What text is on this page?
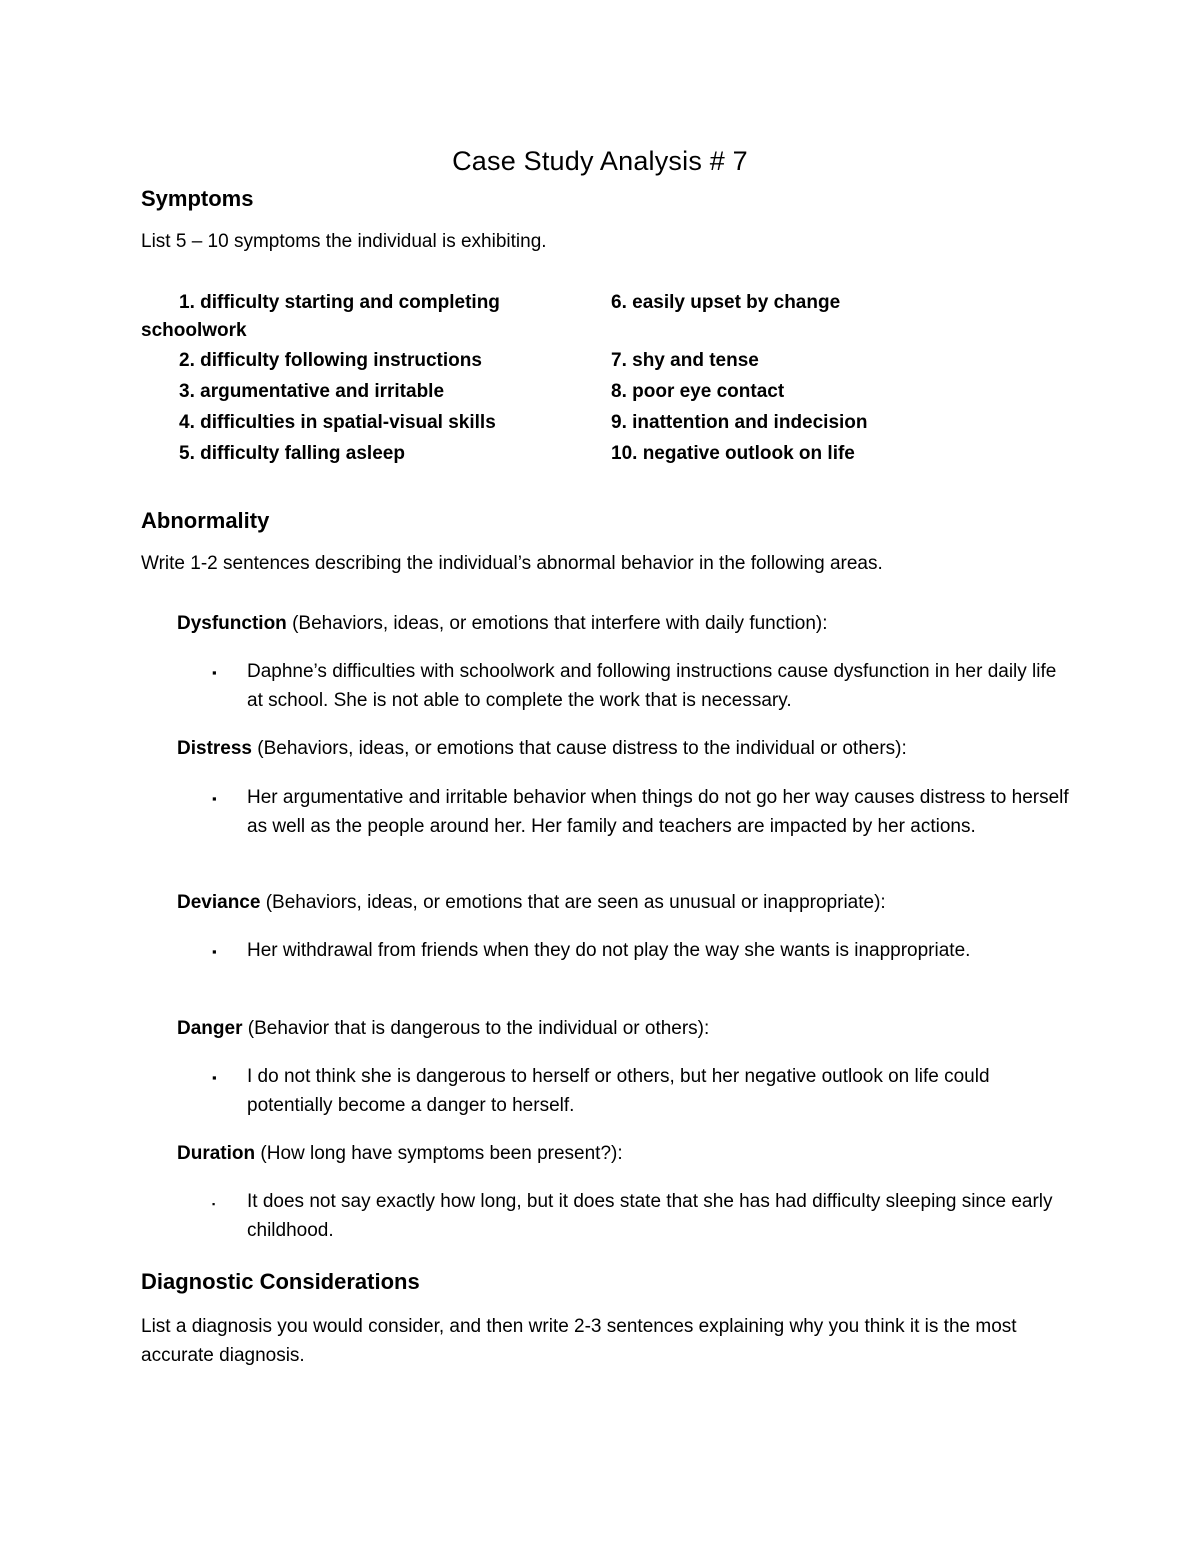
Case Study Analysis # 7
Symptoms
List 5 – 10 symptoms the individual is exhibiting.
1. difficulty starting and completing
schoolwork
2. difficulty following instructions
3. argumentative and irritable
4. difficulties in spatial-visual skills
5. difficulty falling asleep
6. easily upset by change
7. shy and tense
8. poor eye contact
9. inattention and indecision
10. negative outlook on life
Abnormality
Write 1-2 sentences describing the individual’s abnormal behavior in the following areas.
Dysfunction (Behaviors, ideas, or emotions that interfere with daily function):
▪ Daphne’s difficulties with schoolwork and following instructions cause dysfunction in her daily life at school. She is not able to complete the work that is necessary.
Distress (Behaviors, ideas, or emotions that cause distress to the individual or others):
▪ Her argumentative and irritable behavior when things do not go her way causes distress to herself as well as the people around her. Her family and teachers are impacted by her actions.
Deviance (Behaviors, ideas, or emotions that are seen as unusual or inappropriate):
▪ Her withdrawal from friends when they do not play the way she wants is inappropriate.
Danger (Behavior that is dangerous to the individual or others):
▪ I do not think she is dangerous to herself or others, but her negative outlook on life could potentially become a danger to herself.
Duration (How long have symptoms been present?):
▪ It does not say exactly how long, but it does state that she has had difficulty sleeping since early childhood.
Diagnostic Considerations
List a diagnosis you would consider, and then write 2-3 sentences explaining why you think it is the most accurate diagnosis.
